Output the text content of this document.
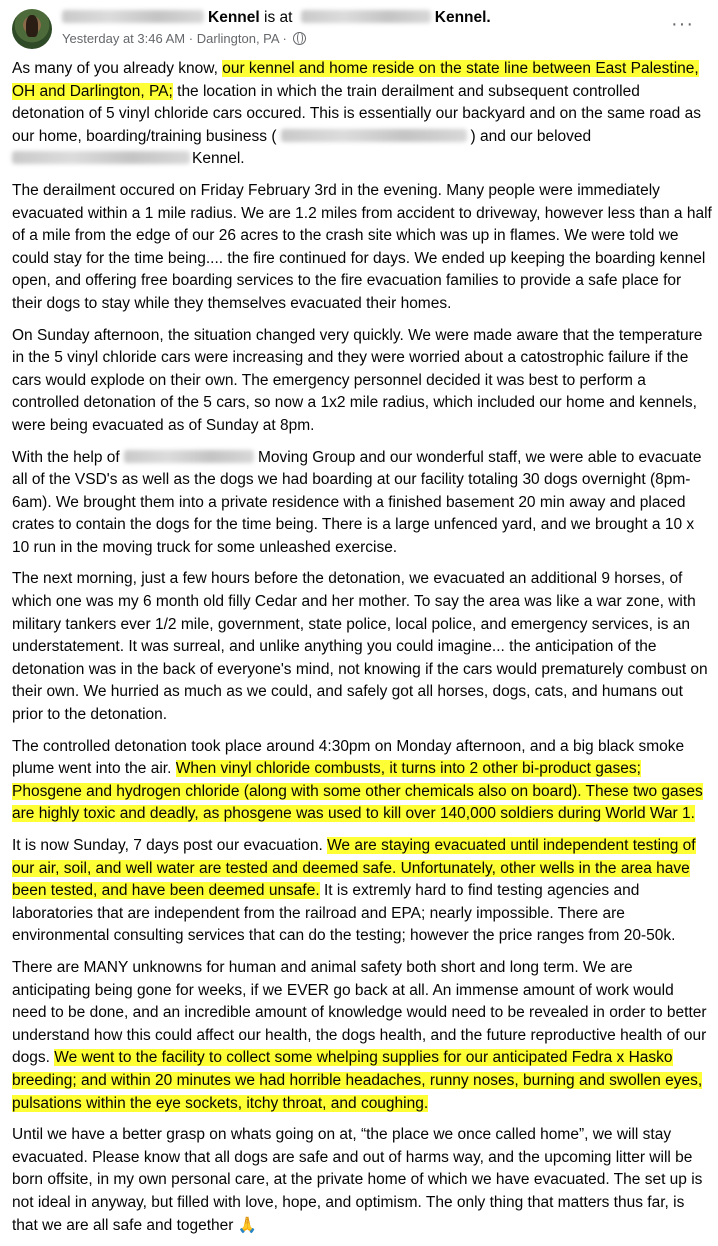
Kennel is at	Kennel.
Yesterday at 3:46 AM · Darlington, PA ·
···

As many of you already know, our kennel and home reside on the state line between East Palestine, OH and Darlington, PA; the location in which the train derailment and subsequent controlled detonation of 5 vinyl chloride cars occured. This is essentially our backyard and on the same road as our home, boarding/training business (	) and our beloved Kennel.

The derailment occured on Friday February 3rd in the evening. Many people were immediately evacuated within a 1 mile radius. We are 1.2 miles from accident to driveway, however less than a half of a mile from the edge of our 26 acres to the crash site which was up in flames. We were told we could stay for the time being.... the fire continued for days. We ended up keeping the boarding kennel open, and offering free boarding services to the fire evacuation families to provide a safe place for their dogs to stay while they themselves evacuated their homes.

On Sunday afternoon, the situation changed very quickly. We were made aware that the temperature in the 5 vinyl chloride cars were increasing and they were worried about a catostrophic failure if the cars would explode on their own. The emergency personnel decided it was best to perform a controlled detonation of the 5 cars, so now a 1x2 mile radius, which included our home and kennels, were being evacuated as of Sunday at 8pm.

With the help of	Moving Group and our wonderful staff, we were able to evacuate all of the VSD's as well as the dogs we had boarding at our facility totaling 30 dogs overnight (8pm-6am). We brought them into a private residence with a finished basement 20 min away and placed crates to contain the dogs for the time being. There is a large unfenced yard, and we brought a 10 x 10 run in the moving truck for some unleashed exercise.

The next morning, just a few hours before the detonation, we evacuated an additional 9 horses, of which one was my 6 month old filly Cedar and her mother. To say the area was like a war zone, with military tankers ever 1/2 mile, government, state police, local police, and emergency services, is an understatement. It was surreal, and unlike anything you could imagine... the anticipation of the detonation was in the back of everyone's mind, not knowing if the cars would prematurely combust on their own. We hurried as much as we could, and safely got all horses, dogs, cats, and humans out prior to the detonation.

The controlled detonation took place around 4:30pm on Monday afternoon, and a big black smoke plume went into the air. When vinyl chloride combusts, it turns into 2 other bi-product gases; Phosgene and hydrogen chloride (along with some other chemicals also on board). These two gases are highly toxic and deadly, as phosgene was used to kill over 140,000 soldiers during World War 1.

It is now Sunday, 7 days post our evacuation. We are staying evacuated until independent testing of our air, soil, and well water are tested and deemed safe. Unfortunately, other wells in the area have been tested, and have been deemed unsafe. It is extremly hard to find testing agencies and laboratories that are independent from the railroad and EPA; nearly impossible. There are environmental consulting services that can do the testing; however the price ranges from 20-50k.

There are MANY unknowns for human and animal safety both short and long term. We are anticipating being gone for weeks, if we EVER go back at all. An immense amount of work would need to be done, and an incredible amount of knowledge would need to be revealed in order to better understand how this could affect our health, the dogs health, and the future reproductive health of our dogs. We went to the facility to collect some whelping supplies for our anticipated Fedra x Hasko breeding; and within 20 minutes we had horrible headaches, runny noses, burning and swollen eyes, pulsations within the eye sockets, itchy throat, and coughing.

Until we have a better grasp on whats going on at, “the place we once called home”, we will stay evacuated. Please know that all dogs are safe and out of harms way, and the upcoming litter will be born offsite, in my own personal care, at the private home of which we have evacuated. The set up is not ideal in anyway, but filled with love, hope, and optimism. The only thing that matters thus far, is that we are all safe and together 🙏
